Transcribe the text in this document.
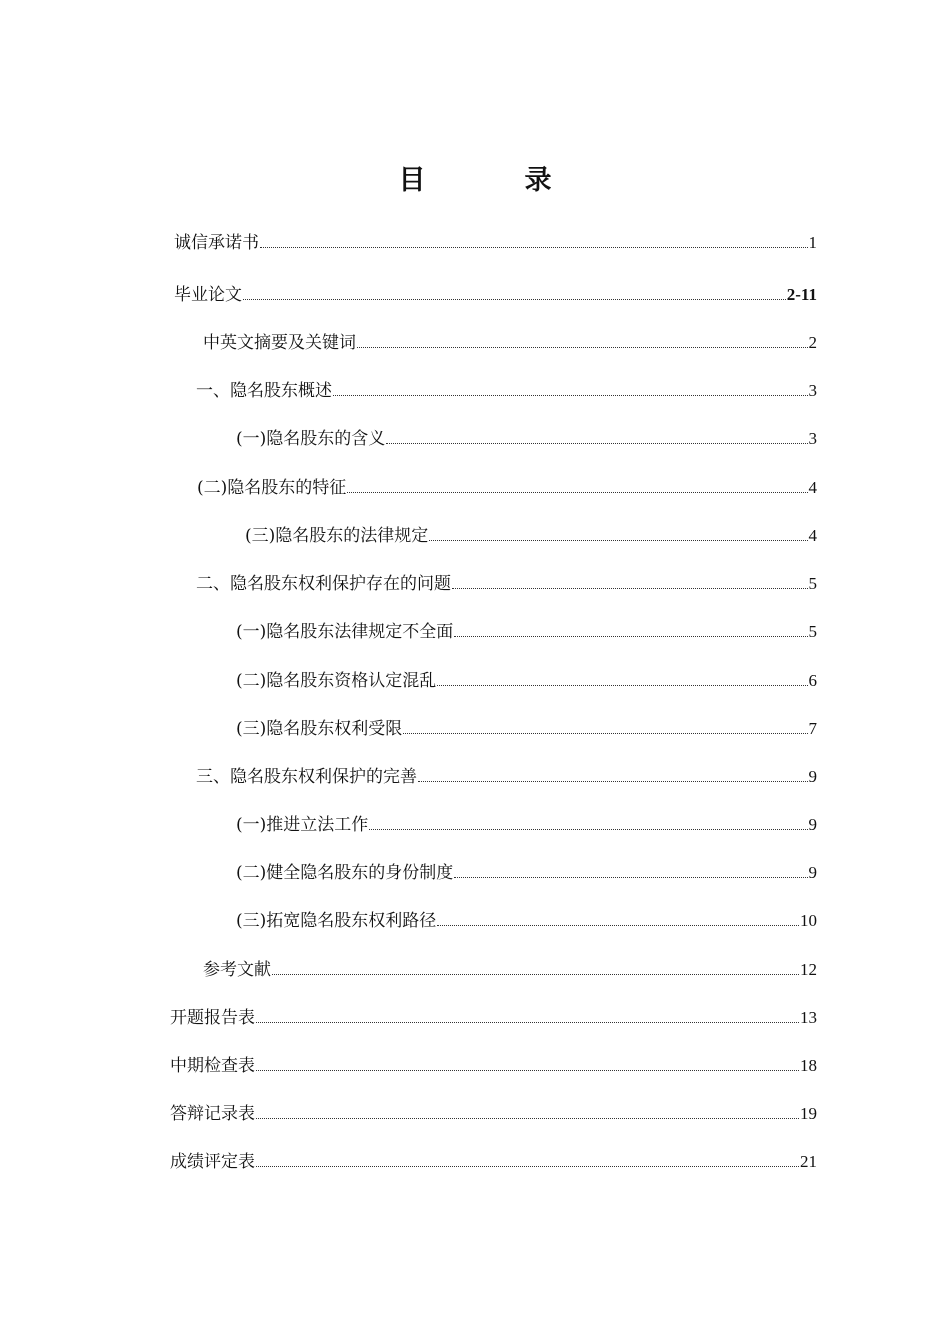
目　录
诚信承诺书	1
毕业论文	2-11
中英文摘要及关键词	2
一、隐名股东概述	3
(一)隐名股东的含义	3
(二)隐名股东的特征	4
(三)隐名股东的法律规定	4
二、隐名股东权利保护存在的问题	5
(一)隐名股东法律规定不全面	5
(二)隐名股东资格认定混乱	6
(三)隐名股东权利受限	7
三、隐名股东权利保护的完善	9
(一)推进立法工作	9
(二)健全隐名股东的身份制度	9
(三)拓宽隐名股东权利路径	10
参考文献	12
开题报告表	13
中期检查表	18
答辩记录表	19
成绩评定表	21
